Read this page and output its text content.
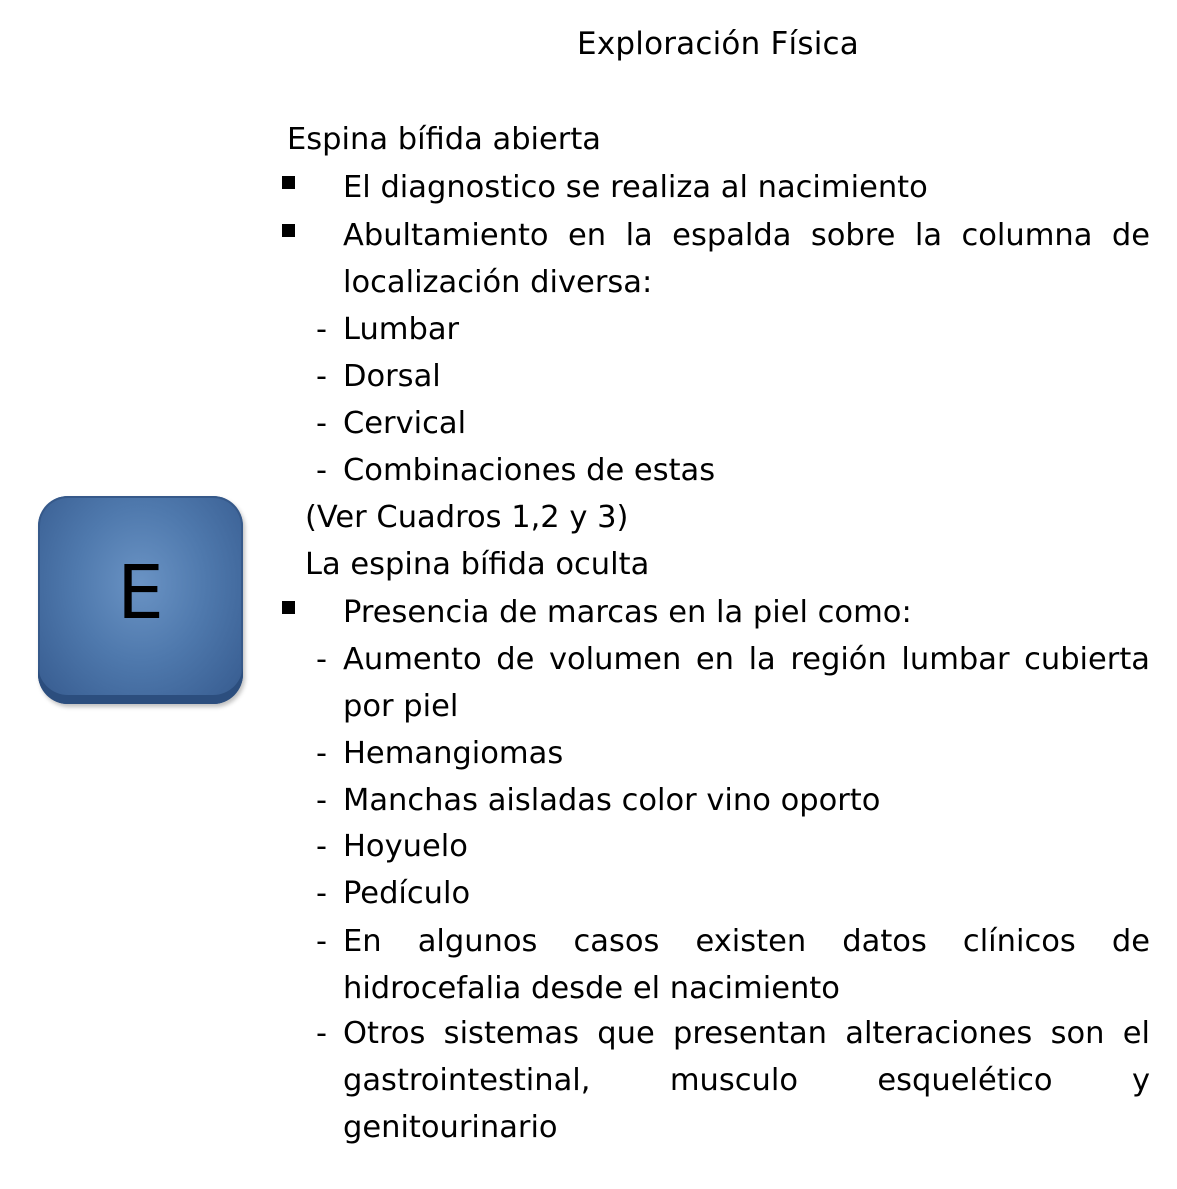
Exploración Física
E
Espina bífida abierta
El diagnostico se realiza al nacimiento
Abultamiento en la espalda sobre la columna de localización diversa:
- Lumbar
- Dorsal
- Cervical
- Combinaciones de estas
(Ver Cuadros 1,2 y 3)
La espina bífida oculta
Presencia de marcas en la piel como:
- Aumento de volumen en la región lumbar cubierta por piel
- Hemangiomas
- Manchas aisladas color vino oporto
- Hoyuelo
- Pedículo
- En algunos casos existen datos clínicos de hidrocefalia desde el nacimiento
- Otros sistemas que presentan alteraciones son el gastrointestinal, musculo esquelético y genitourinario
